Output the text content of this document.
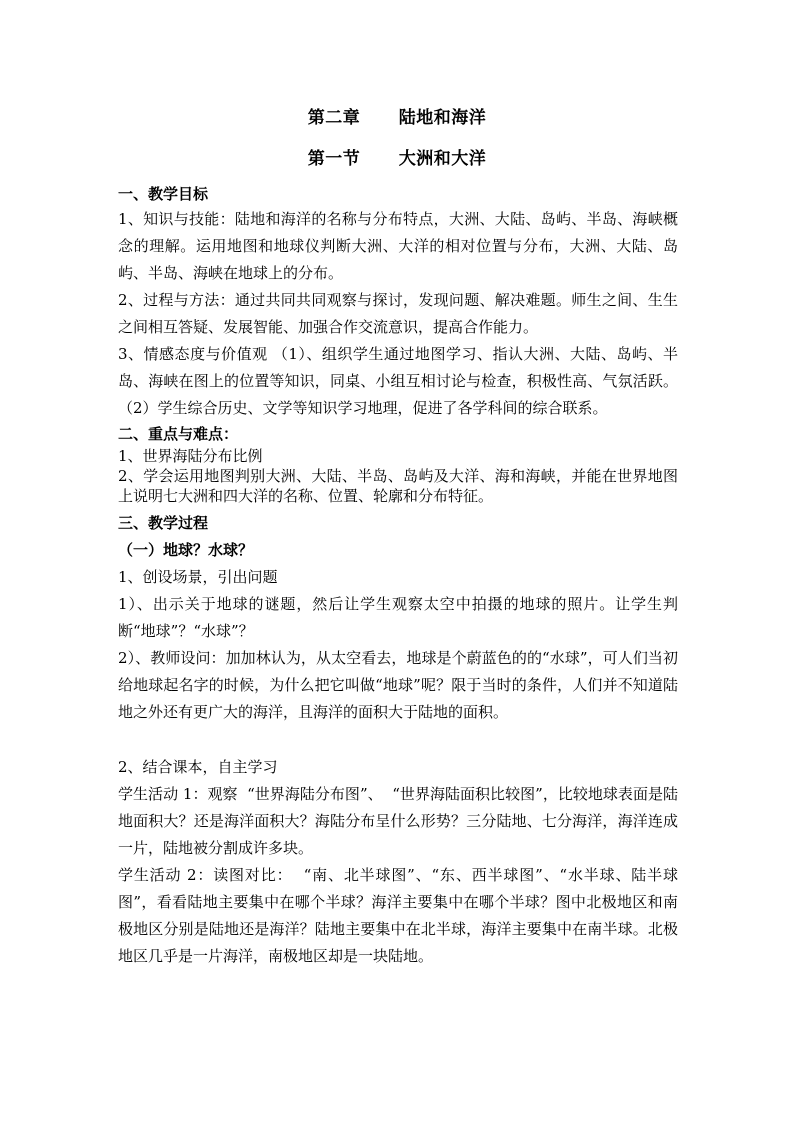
第二章      陆地和海洋
第一节      大洲和大洋
一、教学目标
1、知识与技能：陆地和海洋的名称与分布特点，大洲、大陆、岛屿、半岛、海峡概念的理解。运用地图和地球仪判断大洲、大洋的相对位置与分布，大洲、大陆、岛屿、半岛、海峡在地球上的分布。
2、过程与方法：通过共同共同观察与探讨，发现问题、解决难题。师生之间、生生之间相互答疑、发展智能、加强合作交流意识，提高合作能力。
3、情感态度与价值观 （1）、组织学生通过地图学习、指认大洲、大陆、岛屿、半岛、海峡在图上的位置等知识，同桌、小组互相讨论与检查，积极性高、气氛活跃。（2）学生综合历史、文学等知识学习地理，促进了各学科间的综合联系。
二、重点与难点：
1、世界海陆分布比例
2、学会运用地图判别大洲、大陆、半岛、岛屿及大洋、海和海峡，并能在世界地图上说明七大洲和四大洋的名称、位置、轮廓和分布特征。
三、教学过程
（一）地球？水球？
1、创设场景，引出问题
1）、出示关于地球的谜题，然后让学生观察太空中拍摄的地球的照片。让学生判断“地球”？“水球”？
2）、教师设问：加加林认为，从太空看去，地球是个蔚蓝色的的“水球”，可人们当初给地球起名字的时候，为什么把它叫做“地球”呢？限于当时的条件，人们并不知道陆地之外还有更广大的海洋，且海洋的面积大于陆地的面积。
2、结合课本，自主学习
学生活动 1：观察  “世界海陆分布图”、  “世界海陆面积比较图”，比较地球表面是陆地面积大？还是海洋面积大？海陆分布呈什么形势？三分陆地、七分海洋，海洋连成一片，陆地被分割成许多块。
学生活动 2：读图对比：  “南、北半球图”、“东、西半球图”、“水半球、陆半球图”，看看陆地主要集中在哪个半球？海洋主要集中在哪个半球？图中北极地区和南极地区分别是陆地还是海洋？陆地主要集中在北半球，海洋主要集中在南半球。北极地区几乎是一片海洋，南极地区却是一块陆地。
